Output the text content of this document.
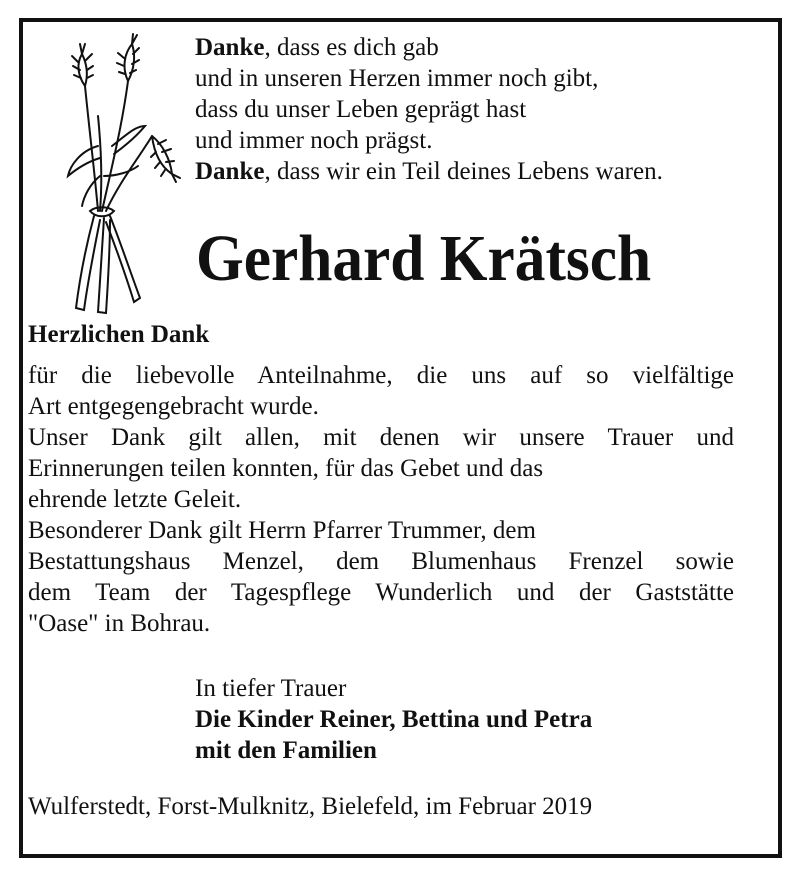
Danke, dass es dich gab
und in unseren Herzen immer noch gibt,
dass du unser Leben geprägt hast
und immer noch prägst.
Danke, dass wir ein Teil deines Lebens waren.
Gerhard Krätsch
Herzlichen Dank
für die liebevolle Anteilnahme, die uns auf so vielfältige
Art entgegengebracht wurde.
Unser Dank gilt allen, mit denen wir unsere Trauer und
Erinnerungen teilen konnten, für das Gebet und das
ehrende letzte Geleit.
Besonderer Dank gilt Herrn Pfarrer Trummer, dem
Bestattungshaus Menzel, dem Blumenhaus Frenzel sowie
dem Team der Tagespflege Wunderlich und der Gaststätte
"Oase" in Bohrau.
In tiefer Trauer
Die Kinder Reiner, Bettina und Petra
mit den Familien
Wulferstedt, Forst-Mulknitz, Bielefeld, im Februar 2019
